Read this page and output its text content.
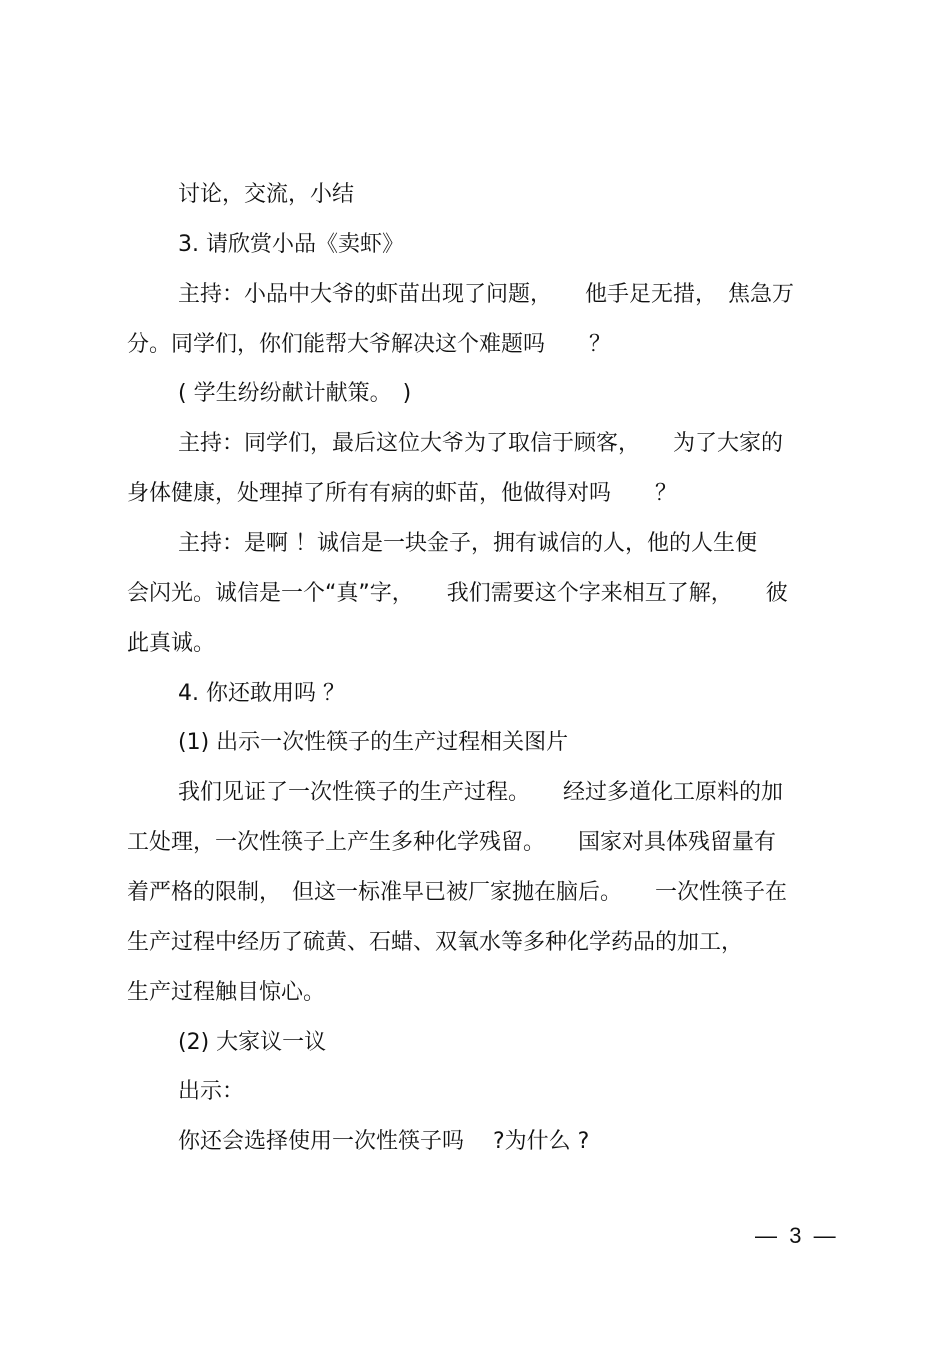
讨论，交流，小结

3. 请欣赏小品《卖虾》

主持：小品中大爷的虾苗出现了问题，　　他手足无措，　焦急万

分。同学们，你们能帮大爷解决这个难题吗　　？

( 学生纷纷献计献策。　)

主持：同学们，最后这位大爷为了取信于顾客，　　为了大家的

身体健康，处理掉了所有有病的虾苗，他做得对吗　　？

主持：是啊 ！诚信是一块金子，拥有诚信的人，他的人生便

会闪光。诚信是一个“真”字，　　我们需要这个字来相互了解，　　彼

此真诚。

4. 你还敢用吗 ？

(1) 出示一次性筷子的生产过程相关图片

我们见证了一次性筷子的生产过程。　　经过多道化工原料的加

工处理，一次性筷子上产生多种化学残留。　　国家对具体残留量有

着严格的限制，　但这一标准早已被厂家抛在脑后。　　一次性筷子在

生产过程中经历了硫黄、石蜡、双氧水等多种化学药品的加工，

生产过程触目惊心。

(2) 大家议一议

出示：

你还会选择使用一次性筷子吗　 ?为什么 ?

—  3  —
